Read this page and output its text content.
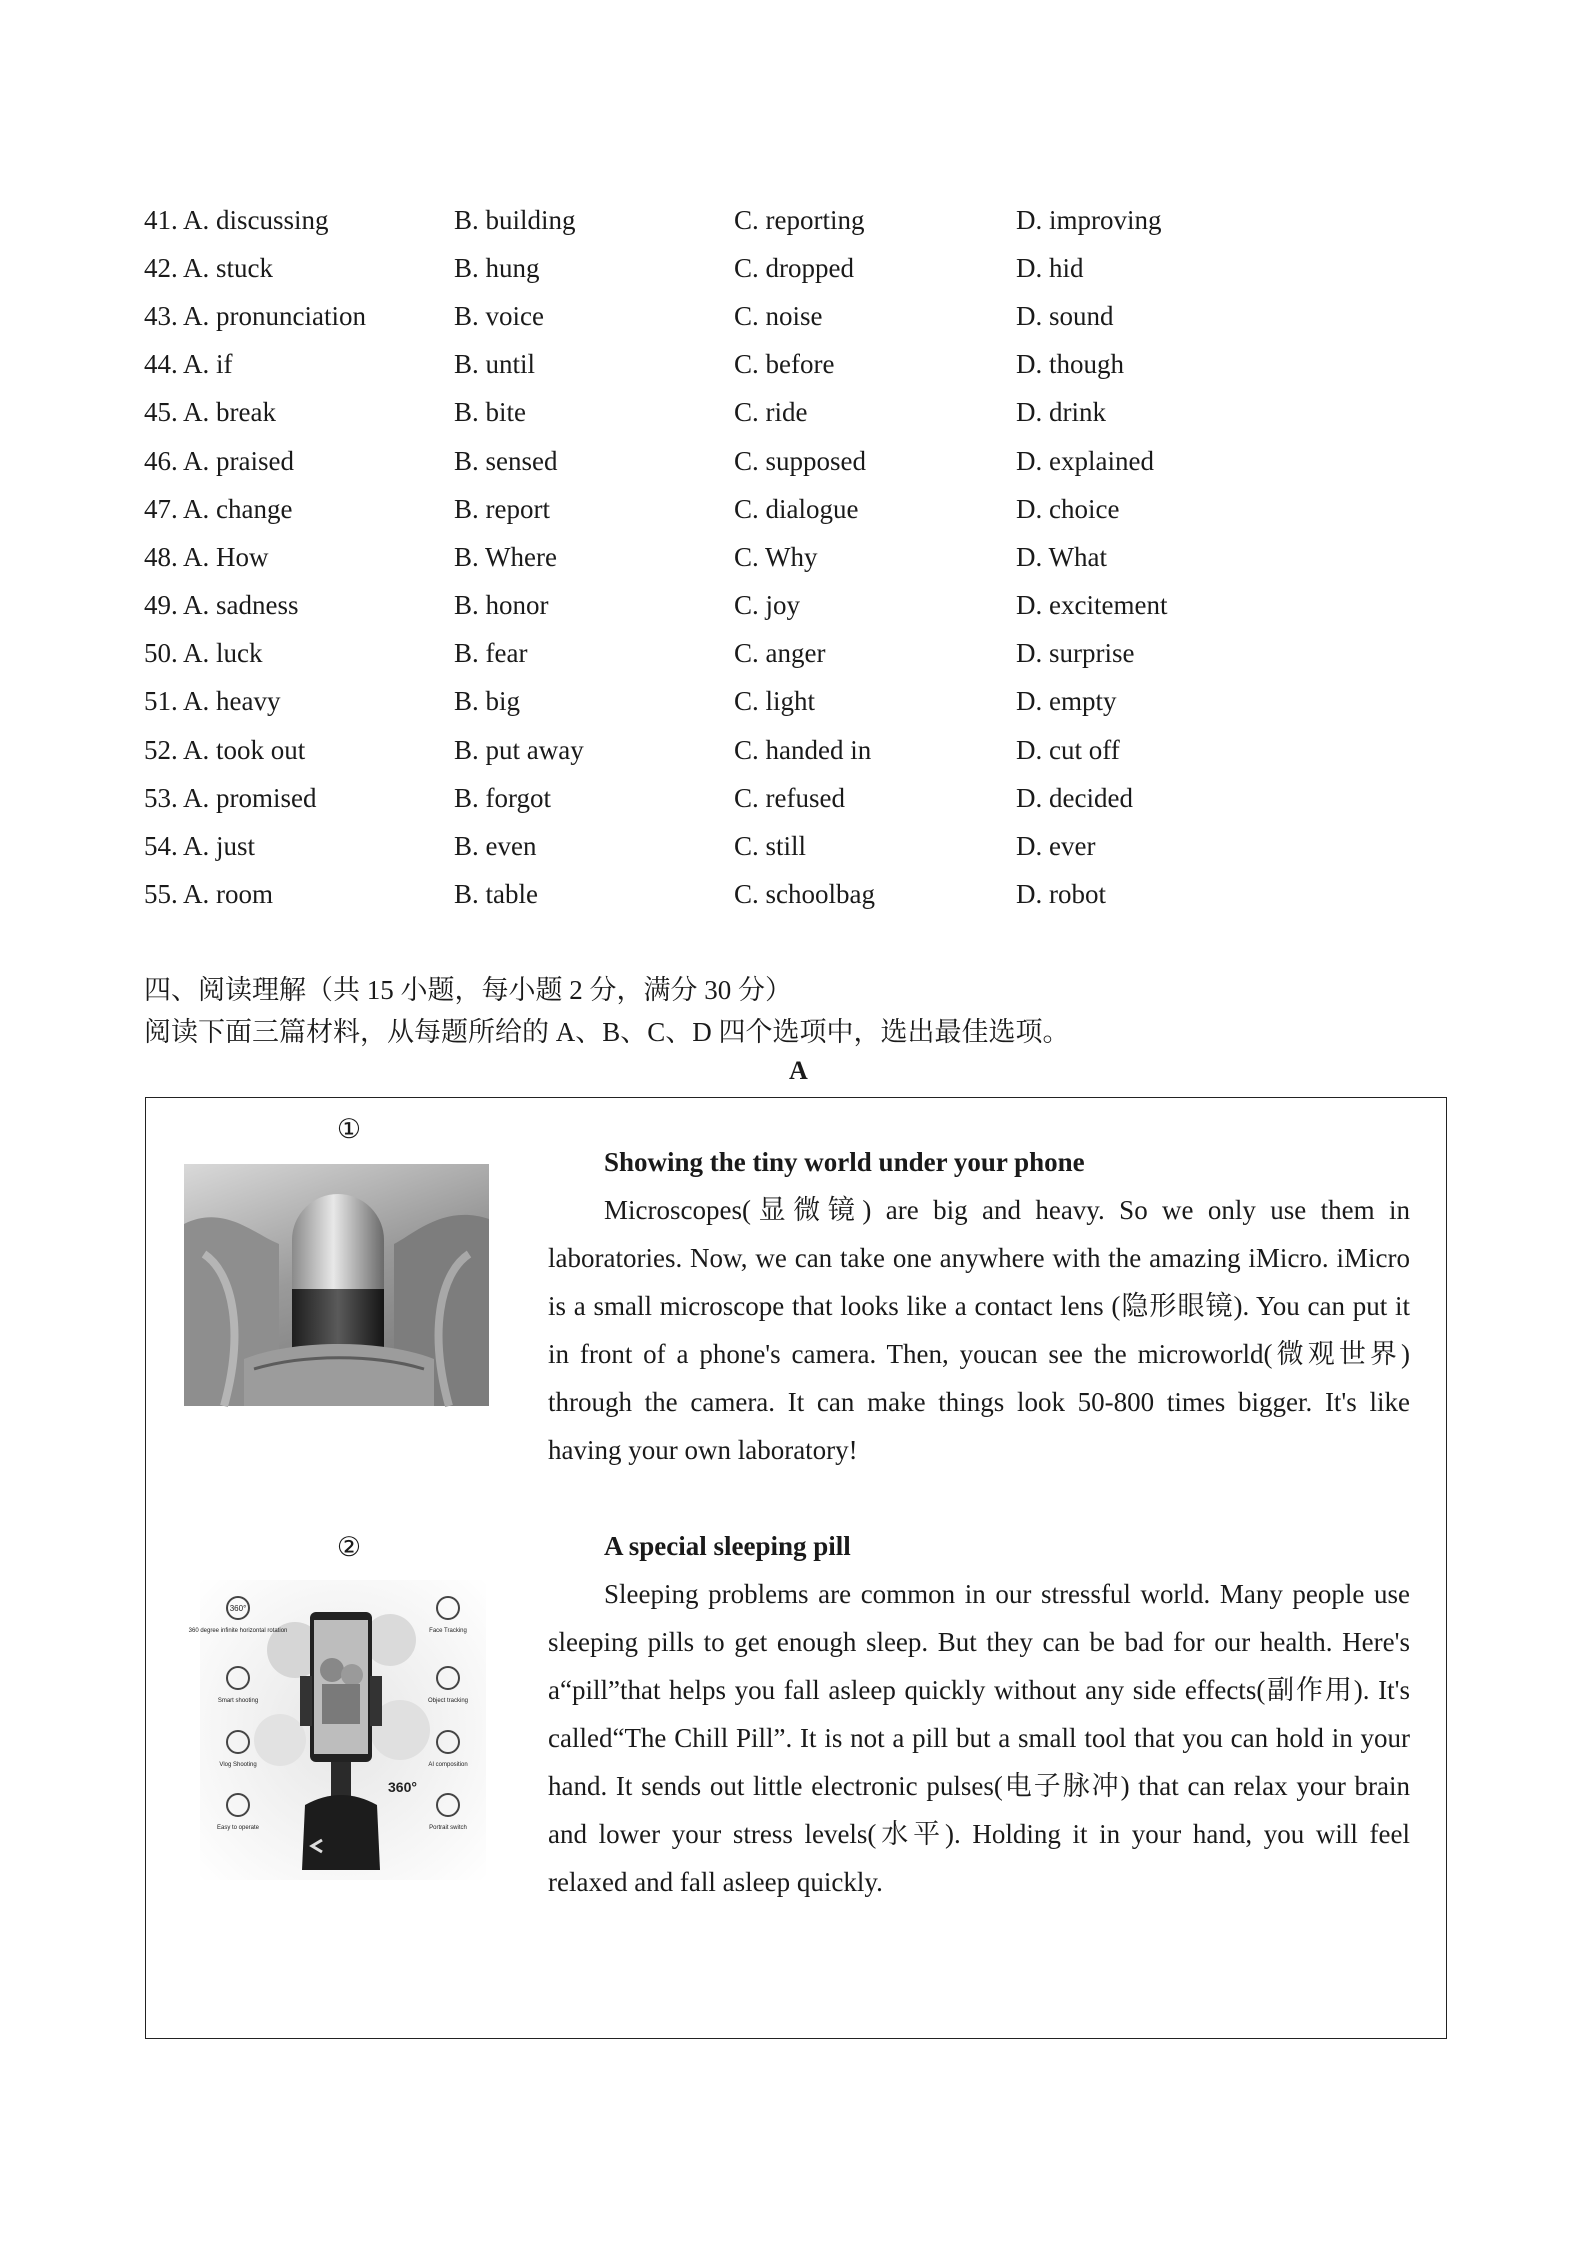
41. A. discussing	B. building	C. reporting	D. improving
42. A. stuck	B. hung	C. dropped	D. hid
43. A. pronunciation	B. voice	C. noise	D. sound
44. A. if	B. until	C. before	D. though
45. A. break	B. bite	C. ride	D. drink
46. A. praised	B. sensed	C. supposed	D. explained
47. A. change	B. report	C. dialogue	D. choice
48. A. How	B. Where	C. Why	D. What
49. A. sadness	B. honor	C. joy	D. excitement
50. A. luck	B. fear	C. anger	D. surprise
51. A. heavy	B. big	C. light	D. empty
52. A. took out	B. put away	C. handed in	D. cut off
53. A. promised	B. forgot	C. refused	D. decided
54. A. just	B. even	C. still	D. ever
55. A. room	B. table	C. schoolbag	D. robot
四、阅读理解（共 15 小题，每小题 2 分，满分 30 分）
阅读下面三篇材料，从每题所给的 A、B、C、D 四个选项中，选出最佳选项。
A
①
Showing the tiny world under your phone

Microscopes(显微镜) are big and heavy. So we only use them in laboratories. Now, we can take one anywhere with the amazing iMicro. iMicro is a small microscope that looks like a contact lens (隐形眼镜). You can put it in front of a phone's camera. Then, youcan see the microworld(微观世界) through the camera. It can make things look 50-800 times bigger. It's like having your own laboratory!

②
360°
360 degree infinite horizontal rotation	Face Tracking
Smart shooting	Object tracking
Vlog Shooting	AI composition
Easy to operate	Portrait switch
360°
A special sleeping pill

Sleeping problems are common in our stressful world. Many people use sleeping pills to get enough sleep. But they can be bad for our health. Here's a“pill”that helps you fall asleep quickly without any side effects(副作用). It's called“The Chill Pill”. It is not a pill but a small tool that you can hold in your hand. It sends out little electronic pulses(电子脉冲) that can relax your brain and lower your stress levels(水平). Holding it in your hand, you will feel relaxed and fall asleep quickly.
